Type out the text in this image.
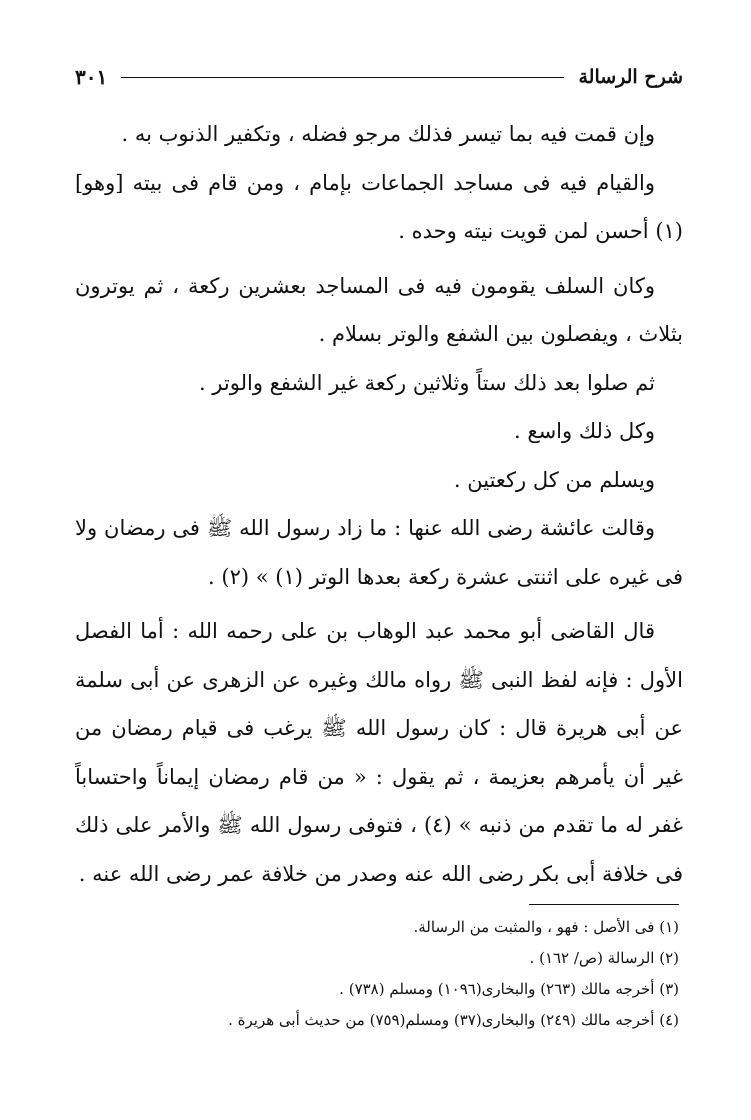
شرح الرسالة
٣٠١

وإن قمت فيه بما تيسر فذلك مرجو فضله ، وتكفير الذنوب به .

والقيام فيه فى مساجد الجماعات بإمام ، ومن قام فى بيته [وهو] (١) أحسن لمن قويت نيته وحده .

وكان السلف يقومون فيه فى المساجد بعشرين ركعة ، ثم يوترون بثلاث ، ويفصلون بين الشفع والوتر بسلام .

ثم صلوا بعد ذلك ستاً وثلاثين ركعة غير الشفع والوتر .

وكل ذلك واسع .

ويسلم من كل ركعتين .

وقالت عائشة رضى الله عنها : ما زاد رسول الله ﷺ فى رمضان ولا فى غيره على اثنتى عشرة ركعة بعدها الوتر (١) » (٢) .

قال القاضى أبو محمد عبد الوهاب بن على رحمه الله : أما الفصل الأول : فإنه لفظ النبى ﷺ رواه مالك وغيره عن الزهرى عن أبى سلمة عن أبى هريرة قال : كان رسول الله ﷺ يرغب فى قيام رمضان من غير أن يأمرهم بعزيمة ، ثم يقول : « من قام رمضان إيماناً واحتساباً غفر له ما تقدم من ذنبه » (٤) ، فتوفى رسول الله ﷺ والأمر على ذلك فى خلافة أبى بكر رضى الله عنه وصدر من خلافة عمر رضى الله عنه .

(١) فى الأصل : فهو ، والمثبت من الرسالة.
(٢) الرسالة (ص/ ١٦٢) .
(٣) أخرجه مالك (٢٦٣) والبخارى(١٠٩٦) ومسلم (٧٣٨) .
(٤) أخرجه مالك (٢٤٩) والبخارى(٣٧) ومسلم(٧٥٩) من حديث أبى هريرة .
